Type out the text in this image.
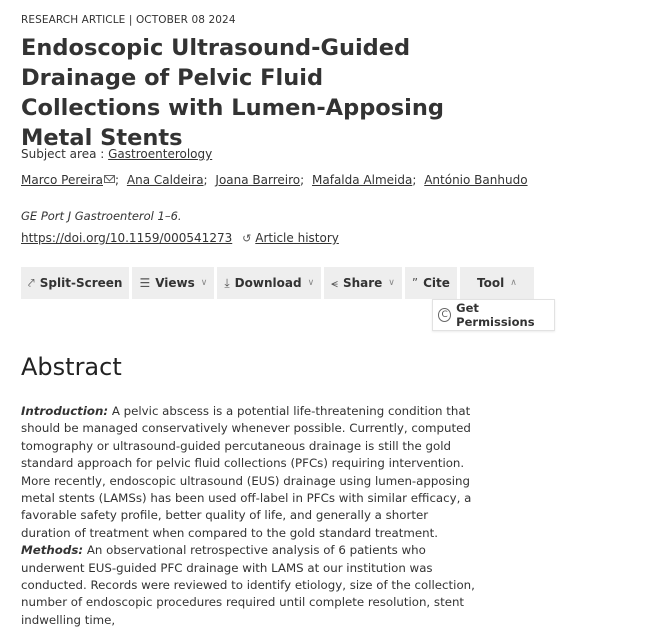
RESEARCH ARTICLE | OCTOBER 08 2024
Endoscopic Ultrasound-Guided Drainage of Pelvic Fluid Collections with Lumen-Apposing Metal Stents
Subject area : Gastroenterology
Marco Pereira ; Ana Caldeira; Joana Barreiro; Mafalda Almeida; António Banhudo
GE Port J Gastroenterol 1–6.
https://doi.org/10.1159/000541273 ↺ Article history
⤤ Split-Screen ☰ Views ∨ ⤓ Download ∨ ⪪ Share ∨ ” Cite Tool ∧
C Get Permissions
Abstract

Introduction: A pelvic abscess is a potential life-threatening condition that should be managed conservatively whenever possible. Currently, computed tomography or ultrasound-guided percutaneous drainage is still the gold standard approach for pelvic fluid collections (PFCs) requiring intervention. More recently, endoscopic ultrasound (EUS) drainage using lumen-apposing metal stents (LAMSs) has been used off-label in PFCs with similar efficacy, a favorable safety profile, better quality of life, and generally a shorter duration of treatment when compared to the gold standard treatment. Methods: An observational retrospective analysis of 6 patients who underwent EUS-guided PFC drainage with LAMS at our institution was conducted. Records were reviewed to identify etiology, size of the collection, number of endoscopic procedures required until complete resolution, stent indwelling time,
